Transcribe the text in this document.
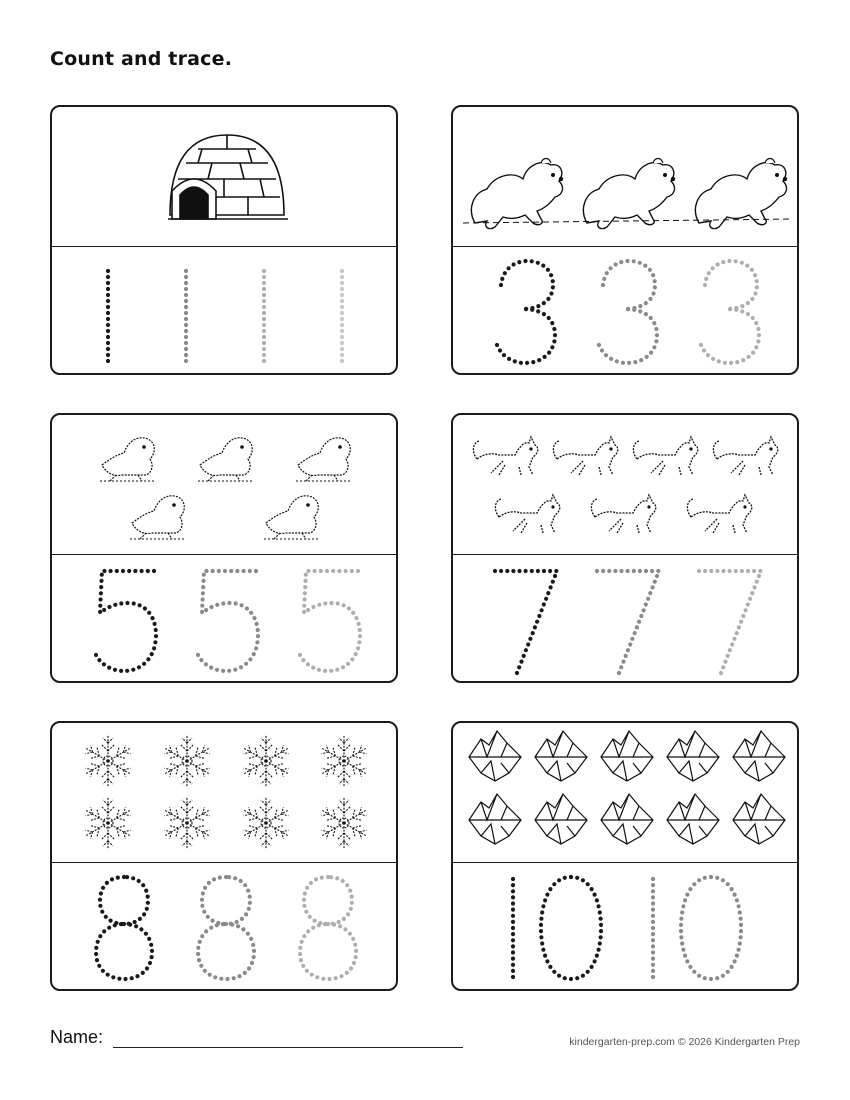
Count and trace.
Name:	kindergarten-prep.com © 2026 Kindergarten Prep
